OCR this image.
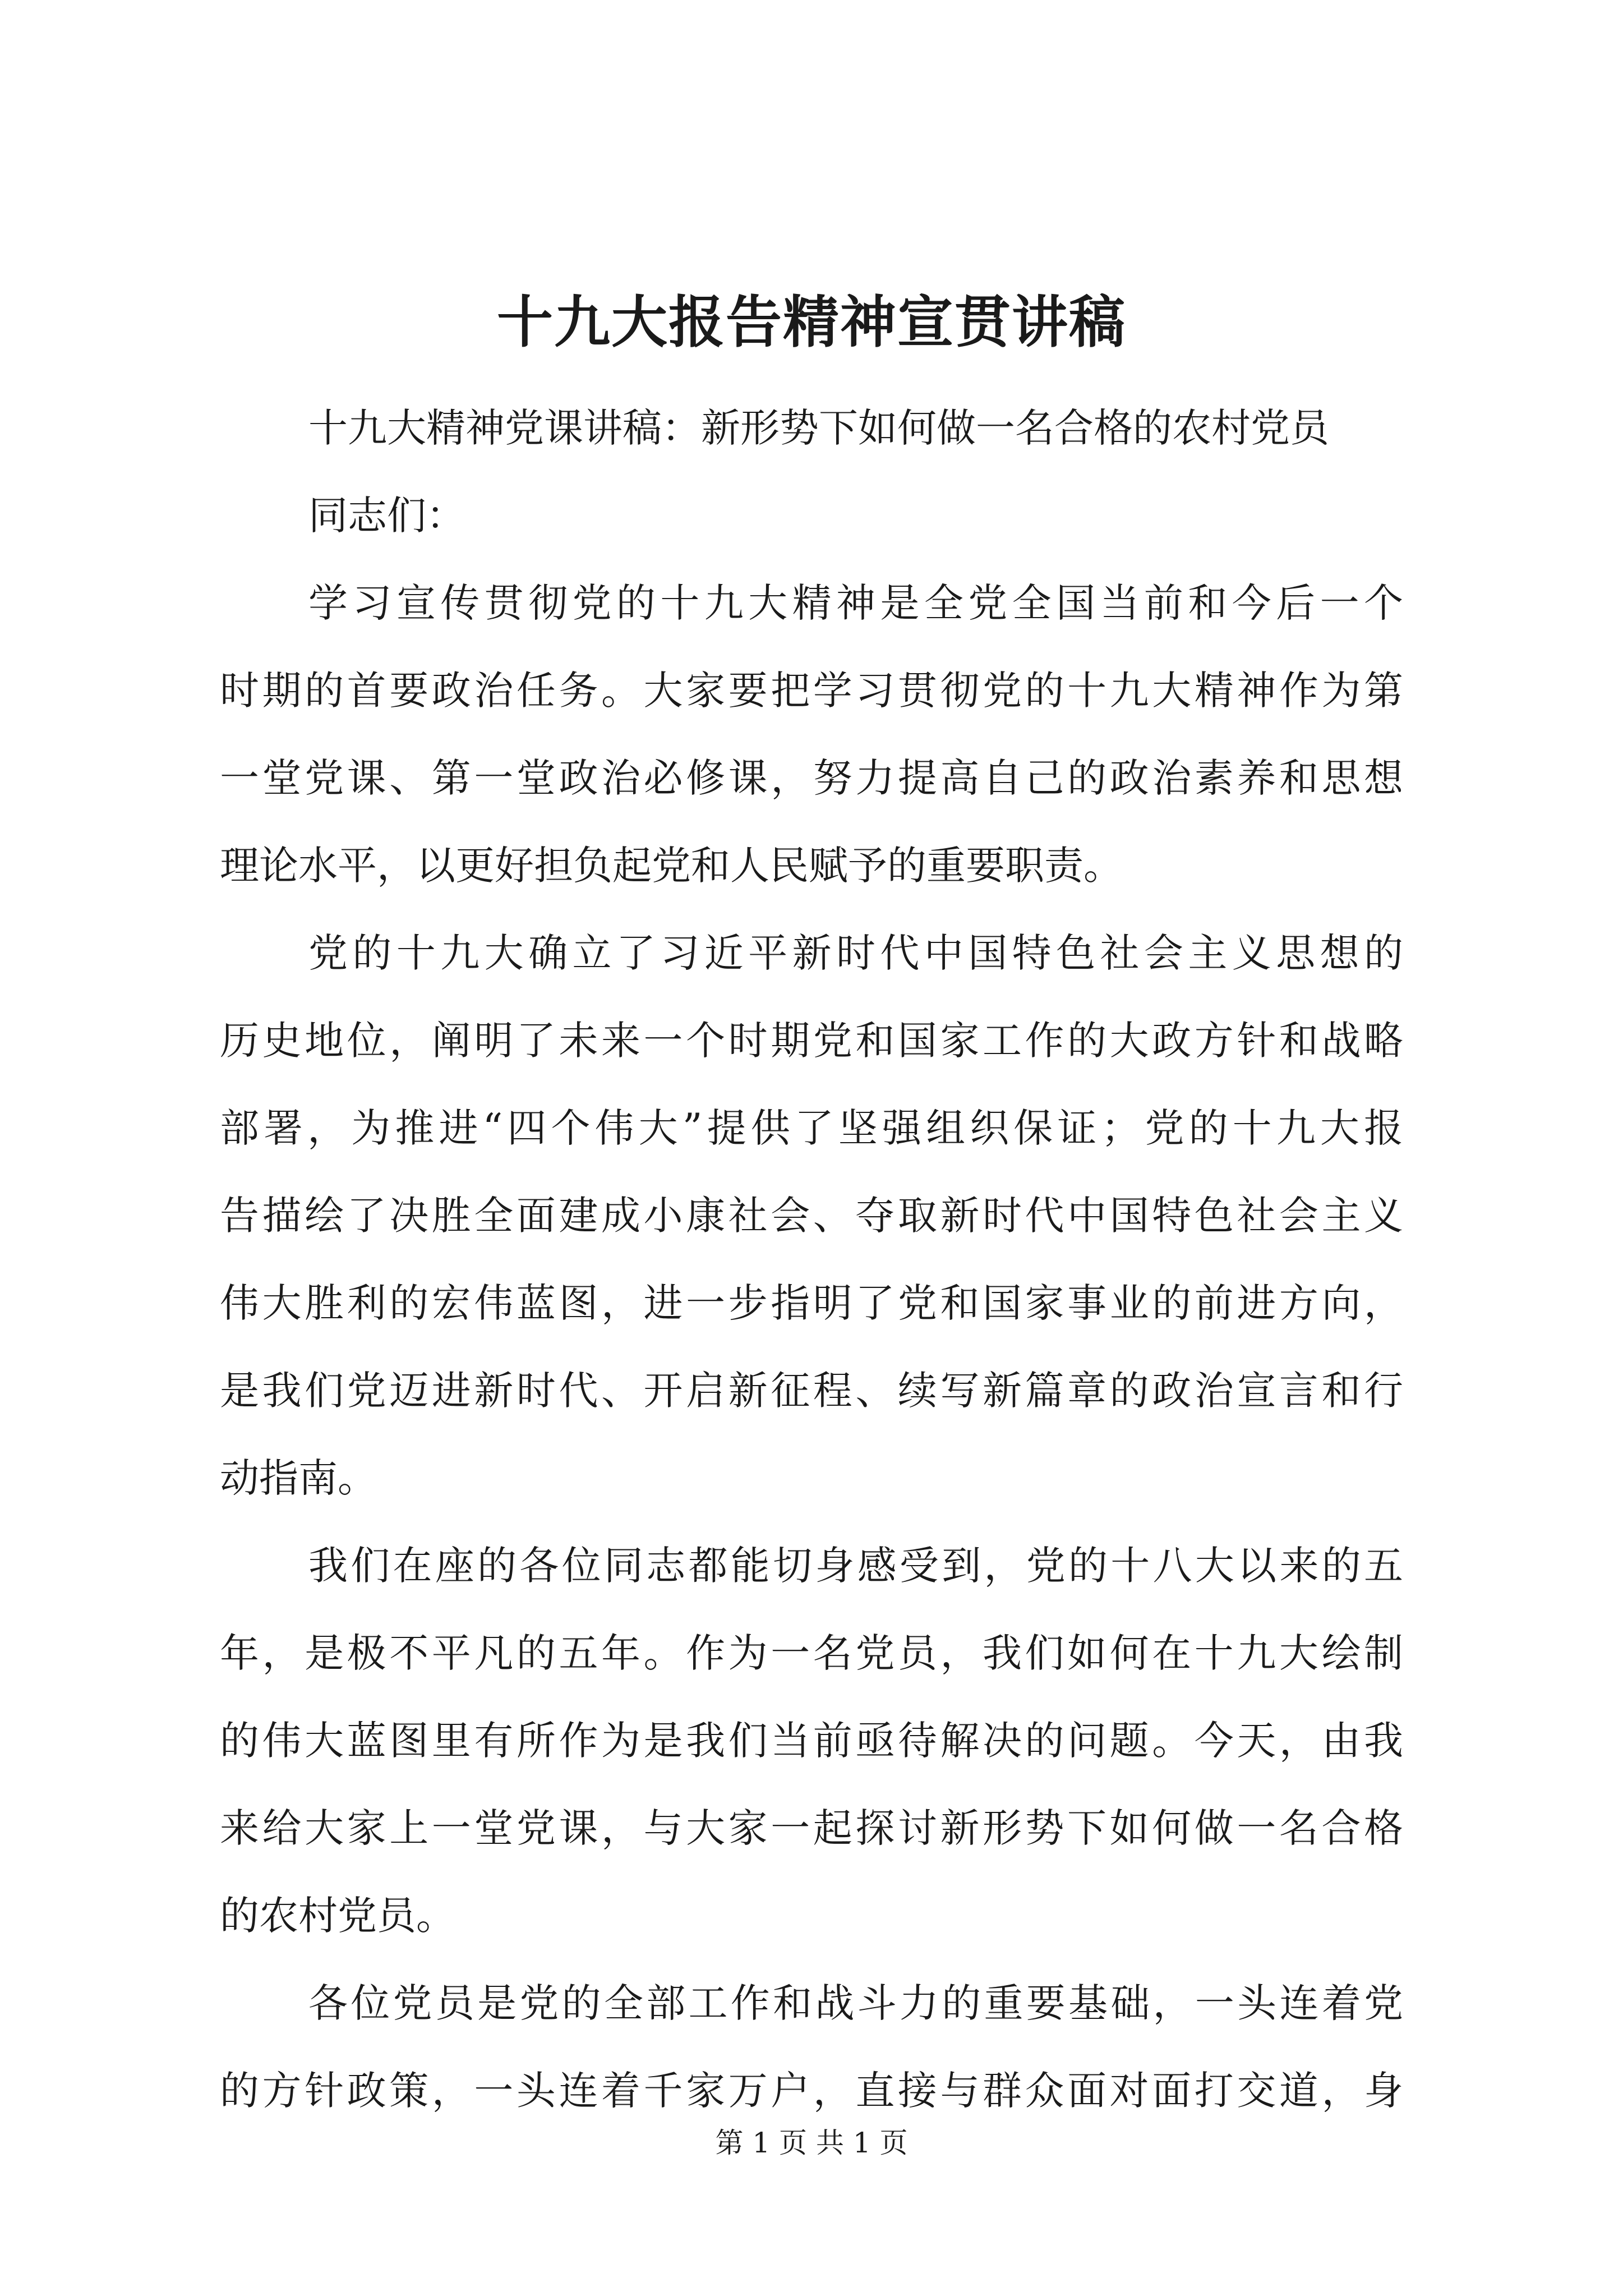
十九大报告精神宣贯讲稿
十九大精神党课讲稿：新形势下如何做一名合格的农村党员
同志们：
学习宣传贯彻党的十九大精神是全党全国当前和今后一个
时期的首要政治任务。大家要把学习贯彻党的十九大精神作为第
一堂党课、第一堂政治必修课，努力提高自己的政治素养和思想
理论水平，以更好担负起党和人民赋予的重要职责。
党的十九大确立了习近平新时代中国特色社会主义思想的
历史地位，阐明了未来一个时期党和国家工作的大政方针和战略
部署，为推进“四个伟大”提供了坚强组织保证；党的十九大报
告描绘了决胜全面建成小康社会、夺取新时代中国特色社会主义
伟大胜利的宏伟蓝图，进一步指明了党和国家事业的前进方向，
是我们党迈进新时代、开启新征程、续写新篇章的政治宣言和行
动指南。
我们在座的各位同志都能切身感受到，党的十八大以来的五
年，是极不平凡的五年。作为一名党员，我们如何在十九大绘制
的伟大蓝图里有所作为是我们当前亟待解决的问题。今天，由我
来给大家上一堂党课，与大家一起探讨新形势下如何做一名合格
的农村党员。
各位党员是党的全部工作和战斗力的重要基础，一头连着党
的方针政策，一头连着千家万户，直接与群众面对面打交道，身
第 1 页 共 1 页
